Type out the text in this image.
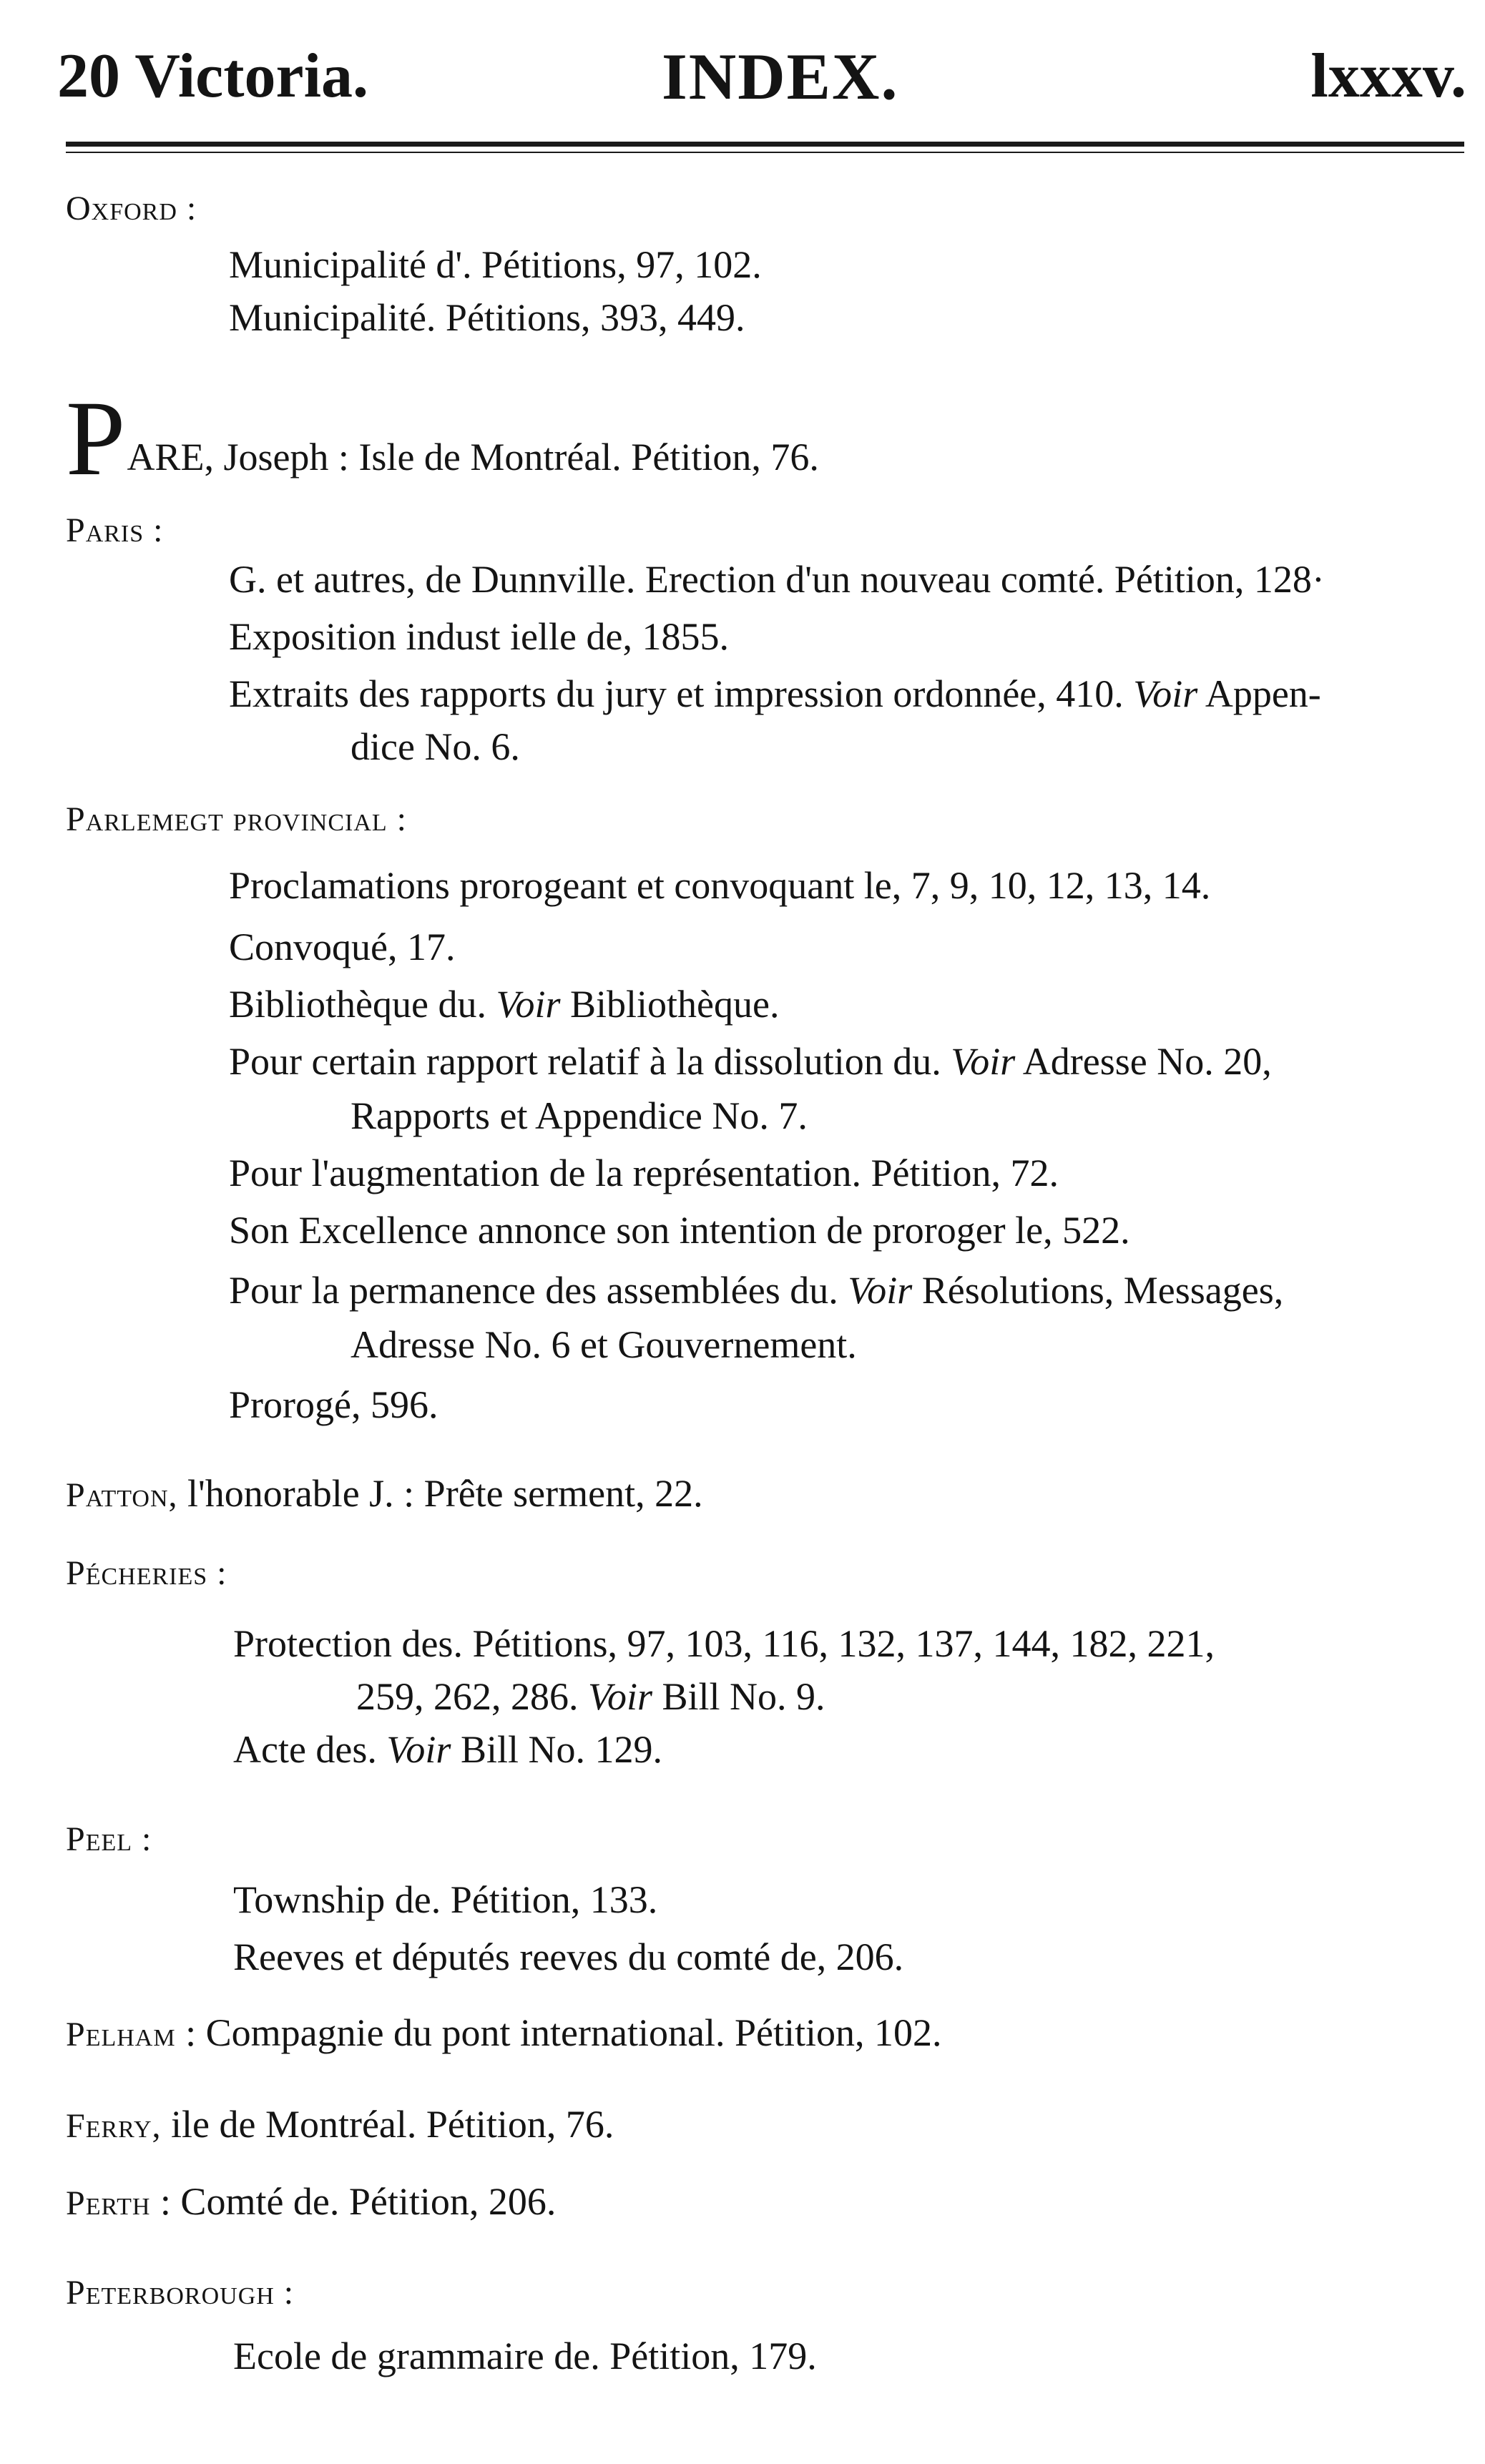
20 Victoria.	INDEX.	lxxxv.
Oxford :
Municipalité d'. Pétitions, 97, 102.
Municipalité. Pétitions, 393, 449.
PARE, Joseph : Isle de Montréal. Pétition, 76.
Paris :
G. et autres, de Dunnville. Erection d'un nouveau comté. Pétition, 128·
Exposition indust ielle de, 1855.
Extraits des rapports du jury et impression ordonnée, 410. Voir Appen-
dice No. 6.
Parlemegt provincial :
Proclamations prorogeant et convoquant le, 7, 9, 10, 12, 13, 14.
Convoqué, 17.
Bibliothèque du. Voir Bibliothèque.
Pour certain rapport relatif à la dissolution du. Voir Adresse No. 20,
Rapports et Appendice No. 7.
Pour l'augmentation de la représentation. Pétition, 72.
Son Excellence annonce son intention de proroger le, 522.
Pour la permanence des assemblées du. Voir Résolutions, Messages,
Adresse No. 6 et Gouvernement.
Prorogé, 596.
Patton, l'honorable J. : Prête serment, 22.
Pécheries :
Protection des. Pétitions, 97, 103, 116, 132, 137, 144, 182, 221,
259, 262, 286. Voir Bill No. 9.
Acte des. Voir Bill No. 129.
Peel :
Township de. Pétition, 133.
Reeves et députés reeves du comté de, 206.
Pelham : Compagnie du pont international. Pétition, 102.
Ferry, ile de Montréal. Pétition, 76.
Perth : Comté de. Pétition, 206.
Peterborough :
Ecole de grammaire de. Pétition, 179.
